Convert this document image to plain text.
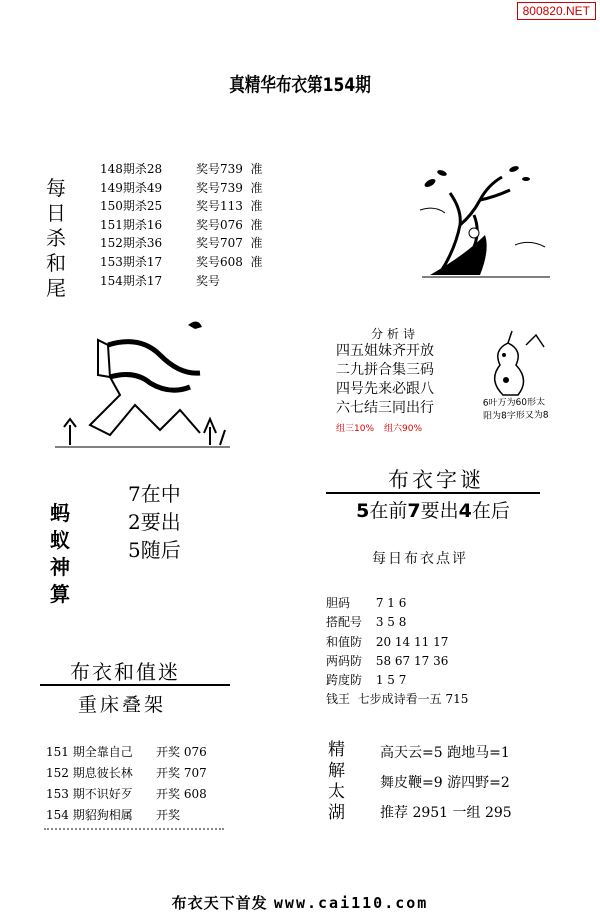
800820.NET
真精华布衣第154期
每日杀和尾
148期杀28	奖号739 准
149期杀49	奖号739 准
150期杀25	奖号113 准
151期杀16	奖号076 准
152期杀36	奖号707 准
153期杀17	奖号608 准
154期杀17	奖号
分析诗
四五姐妹齐开放
二九拼合集三码
四号先来必跟八
六七结三同出行
组三10% 组六90%
6叶万为60形太
阳为8字形又为8
蚂蚁神算
7在中
2要出
5随后
布衣字谜
5在前7要出4在后
每日布衣点评
胆码 7 1 6
搭配号 3 5 8
和值防 20 14 11 17
两码防 58 67 17 36
跨度防 1 5 7
钱王 七步成诗看一五 715
精解太湖
高天云=5 跑地马=1
舞皮鞭=9 游四野=2
推荐 2951 一组 295
布衣和值迷
重床叠架
151 期全靠自己 开奖 076
152 期息彼长林 开奖 707
153 期不识好歹 开奖 608
154 期貂狗相属 开奖
布衣天下首发 www.cai110.com
